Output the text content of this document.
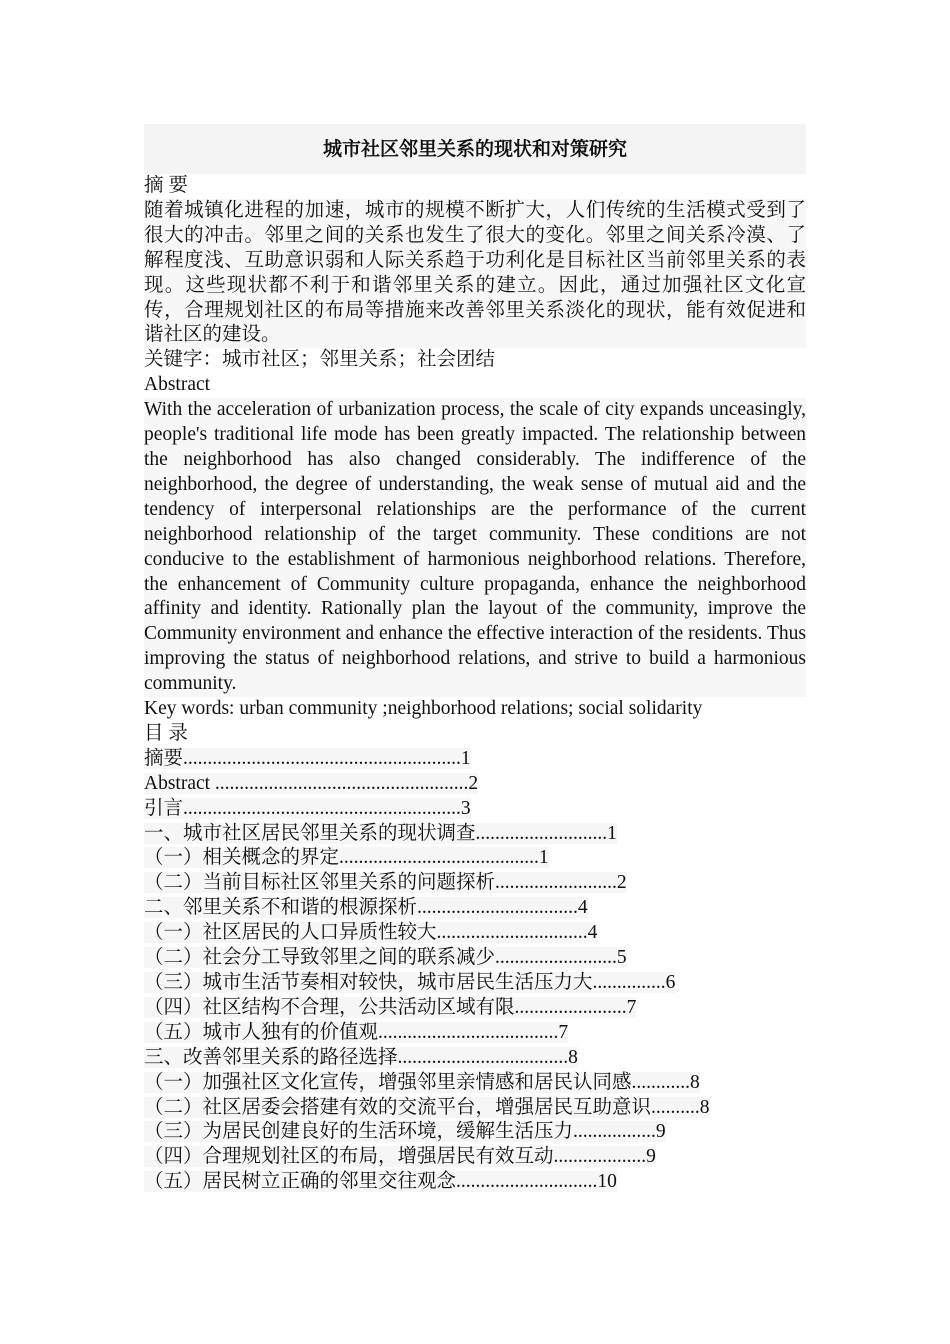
城市社区邻里关系的现状和对策研究
摘 要
随着城镇化进程的加速，城市的规模不断扩大，人们传统的生活模式受到了很大的冲击。邻里之间的关系也发生了很大的变化。邻里之间关系冷漠、了解程度浅、互助意识弱和人际关系趋于功利化是目标社区当前邻里关系的表现。这些现状都不利于和谐邻里关系的建立。因此，通过加强社区文化宣传，合理规划社区的布局等措施来改善邻里关系淡化的现状，能有效促进和谐社区的建设。
关键字：城市社区；邻里关系；社会团结
Abstract
With the acceleration of urbanization process, the scale of city expands unceasingly, people's traditional life mode has been greatly impacted. The relationship between the neighborhood has also changed considerably. The indifference of the neighborhood, the degree of understanding, the weak sense of mutual aid and the tendency of interpersonal relationships are the performance of the current neighborhood relationship of the target community. These conditions are not conducive to the establishment of harmonious neighborhood relations. Therefore, the enhancement of Community culture propaganda, enhance the neighborhood affinity and identity. Rationally plan the layout of the community, improve the Community environment and enhance the effective interaction of the residents. Thus improving the status of neighborhood relations, and strive to build a harmonious community.
Key words: urban community ;neighborhood relations; social solidarity
目 录
摘要.........................................................1
Abstract ....................................................2
引言.........................................................3
一、城市社区居民邻里关系的现状调查...........................1
（一）相关概念的界定.........................................1
（二）当前目标社区邻里关系的问题探析.........................2
二、邻里关系不和谐的根源探析.................................4
（一）社区居民的人口异质性较大...............................4
（二）社会分工导致邻里之间的联系减少.........................5
（三）城市生活节奏相对较快，城市居民生活压力大...............6
（四）社区结构不合理，公共活动区域有限.......................7
（五）城市人独有的价值观.....................................7
三、改善邻里关系的路径选择...................................8
（一）加强社区文化宣传，增强邻里亲情感和居民认同感............8
（二）社区居委会搭建有效的交流平台，增强居民互助意识..........8
（三）为居民创建良好的生活环境，缓解生活压力.................9
（四）合理规划社区的布局，增强居民有效互动...................9
（五）居民树立正确的邻里交往观念.............................10
